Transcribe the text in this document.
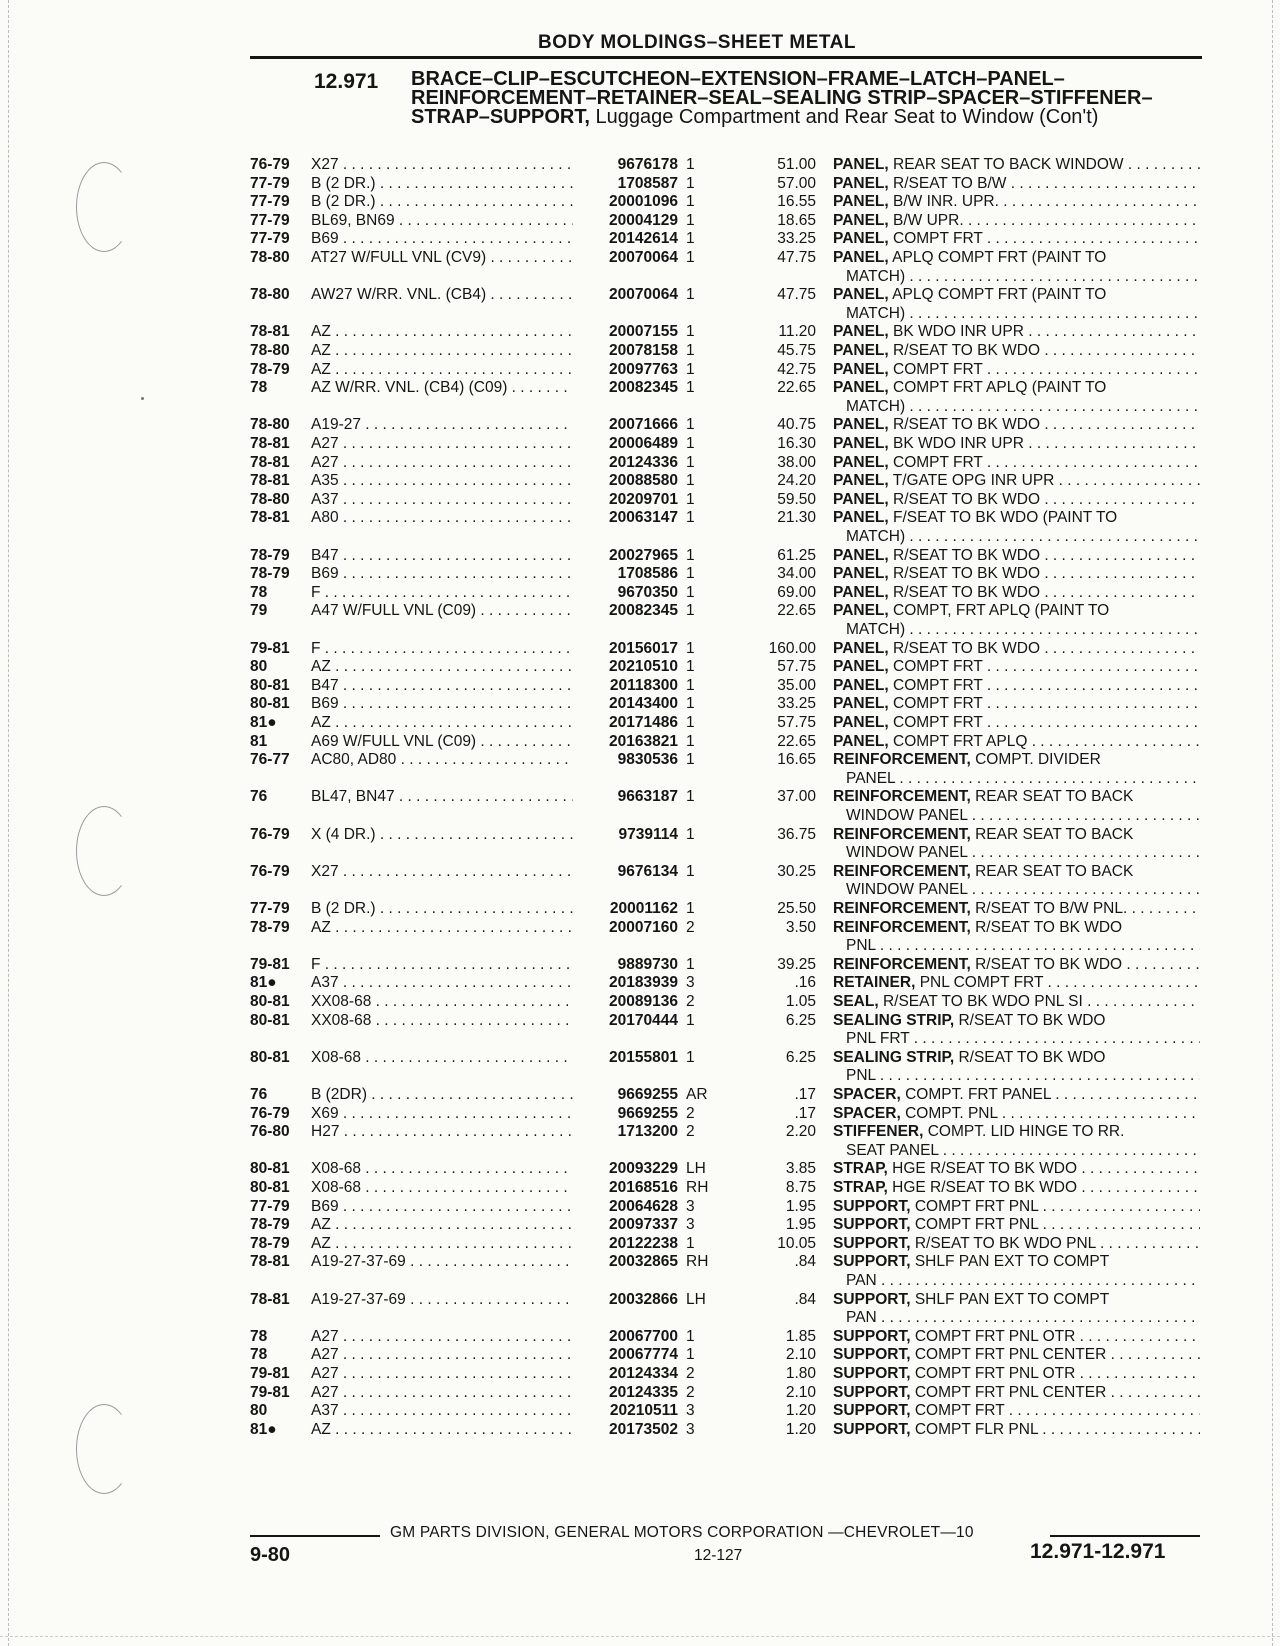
BODY MOLDINGS–SHEET METAL
12.971 BRACE–CLIP–ESCUTCHEON–EXTENSION–FRAME–LATCH–PANEL–REINFORCEMENT–RETAINER–SEAL–SEALING STRIP–SPACER–STIFFENER–STRAP–SUPPORT, Luggage Compartment and Rear Seat to Window (Con't)
76-79	X27 . . .	9676178 1	51.00 PANEL, REAR SEAT TO BACK WINDOW . . .
77-79	B (2 DR.) . . .	1708587 1	57.00 PANEL, R/SEAT TO B/W . . .
77-79	B (2 DR.) . . .	20001096 1	16.55 PANEL, B/W INR. UPR. . . .
77-79	BL69, BN69 . . .	20004129 1	18.65 PANEL, B/W UPR. . . .
77-79	B69 . . .	20142614 1	33.25 PANEL, COMPT FRT . . .
78-80	AT27 W/FULL VNL (CV9) . . .	20070064 1	47.75 PANEL, APLQ COMPT FRT (PAINT TO
MATCH) . . .
78-80	AW27 W/RR. VNL. (CB4) . . .	20070064 1	47.75 PANEL, APLQ COMPT FRT (PAINT TO
MATCH) . . .
78-81	AZ . . .	20007155 1	11.20 PANEL, BK WDO INR UPR . . .
78-80	AZ . . .	20078158 1	45.75 PANEL, R/SEAT TO BK WDO . . .
78-79	AZ . . .	20097763 1	42.75 PANEL, COMPT FRT . . .
78	AZ W/RR. VNL. (CB4) (C09) . . .	20082345 1	22.65 PANEL, COMPT FRT APLQ (PAINT TO
MATCH) . . .
78-80	A19-27 . . .	20071666 1	40.75 PANEL, R/SEAT TO BK WDO . . .
78-81	A27 . . .	20006489 1	16.30 PANEL, BK WDO INR UPR . . .
78-81	A27 . . .	20124336 1	38.00 PANEL, COMPT FRT . . .
78-81	A35 . . .	20088580 1	24.20 PANEL, T/GATE OPG INR UPR . . .
78-80	A37 . . .	20209701 1	59.50 PANEL, R/SEAT TO BK WDO . . .
78-81	A80 . . .	20063147 1	21.30 PANEL, F/SEAT TO BK WDO (PAINT TO
MATCH) . . .
78-79	B47 . . .	20027965 1	61.25 PANEL, R/SEAT TO BK WDO . . .
78-79	B69 . . .	1708586 1	34.00 PANEL, R/SEAT TO BK WDO . . .
78	F . . .	9670350 1	69.00 PANEL, R/SEAT TO BK WDO . . .
79	A47 W/FULL VNL (C09) . . .	20082345 1	22.65 PANEL, COMPT, FRT APLQ (PAINT TO
MATCH) . . .
79-81	F . . .	20156017 1	160.00 PANEL, R/SEAT TO BK WDO . . .
80	AZ . . .	20210510 1	57.75 PANEL, COMPT FRT . . .
80-81	B47 . . .	20118300 1	35.00 PANEL, COMPT FRT . . .
80-81	B69 . . .	20143400 1	33.25 PANEL, COMPT FRT . . .
81●	AZ . . .	20171486 1	57.75 PANEL, COMPT FRT . . .
81	A69 W/FULL VNL (C09) . . .	20163821 1	22.65 PANEL, COMPT FRT APLQ . . .
76-77	AC80, AD80 . . .	9830536 1	16.65 REINFORCEMENT, COMPT. DIVIDER
PANEL . . .
76	BL47, BN47 . . .	9663187 1	37.00 REINFORCEMENT, REAR SEAT TO BACK
WINDOW PANEL . . .
76-79	X (4 DR.) . . .	9739114 1	36.75 REINFORCEMENT, REAR SEAT TO BACK
WINDOW PANEL . . .
76-79	X27 . . .	9676134 1	30.25 REINFORCEMENT, REAR SEAT TO BACK
WINDOW PANEL . . .
77-79	B (2 DR.) . . .	20001162 1	25.50 REINFORCEMENT, R/SEAT TO B/W PNL. . . .
78-79	AZ . . .	20007160 2	3.50 REINFORCEMENT, R/SEAT TO BK WDO
PNL . . .
79-81	F . . .	9889730 1	39.25 REINFORCEMENT, R/SEAT TO BK WDO . . .
81●	A37 . . .	20183939 3	.16 RETAINER, PNL COMPT FRT . . .
80-81	XX08-68 . . .	20089136 2	1.05 SEAL, R/SEAT TO BK WDO PNL SI . . .
80-81	XX08-68 . . .	20170444 1	6.25 SEALING STRIP, R/SEAT TO BK WDO
PNL FRT . . .
80-81	X08-68 . . .	20155801 1	6.25 SEALING STRIP, R/SEAT TO BK WDO
PNL . . .
76	B (2DR) . . .	9669255 AR	.17 SPACER, COMPT. FRT PANEL . . .
76-79	X69 . . .	9669255 2	.17 SPACER, COMPT. PNL . . .
76-80	H27 . . .	1713200 2	2.20 STIFFENER, COMPT. LID HINGE TO RR.
SEAT PANEL . . .
80-81	X08-68 . . .	20093229 LH	3.85 STRAP, HGE R/SEAT TO BK WDO . . .
80-81	X08-68 . . .	20168516 RH	8.75 STRAP, HGE R/SEAT TO BK WDO . . .
77-79	B69 . . .	20064628 3	1.95 SUPPORT, COMPT FRT PNL . . .
78-79	AZ . . .	20097337 3	1.95 SUPPORT, COMPT FRT PNL . . .
78-79	AZ . . .	20122238 1	10.05 SUPPORT, R/SEAT TO BK WDO PNL . . .
78-81	A19-27-37-69 . . .	20032865 RH	.84 SUPPORT, SHLF PAN EXT TO COMPT
PAN . . .
78-81	A19-27-37-69 . . .	20032866 LH	.84 SUPPORT, SHLF PAN EXT TO COMPT
PAN . . .
78	A27 . . .	20067700 1	1.85 SUPPORT, COMPT FRT PNL OTR . . .
78	A27 . . .	20067774 1	2.10 SUPPORT, COMPT FRT PNL CENTER . . .
79-81	A27 . . .	20124334 2	1.80 SUPPORT, COMPT FRT PNL OTR . . .
79-81	A27 . . .	20124335 2	2.10 SUPPORT, COMPT FRT PNL CENTER . . .
80	A37 . . .	20210511 3	1.20 SUPPORT, COMPT FRT . . .
81●	AZ . . .	20173502 3	1.20 SUPPORT, COMPT FLR PNL . . .
GM PARTS DIVISION, GENERAL MOTORS CORPORATION —CHEVROLET—10
9-80	12-127	12.971-12.971
